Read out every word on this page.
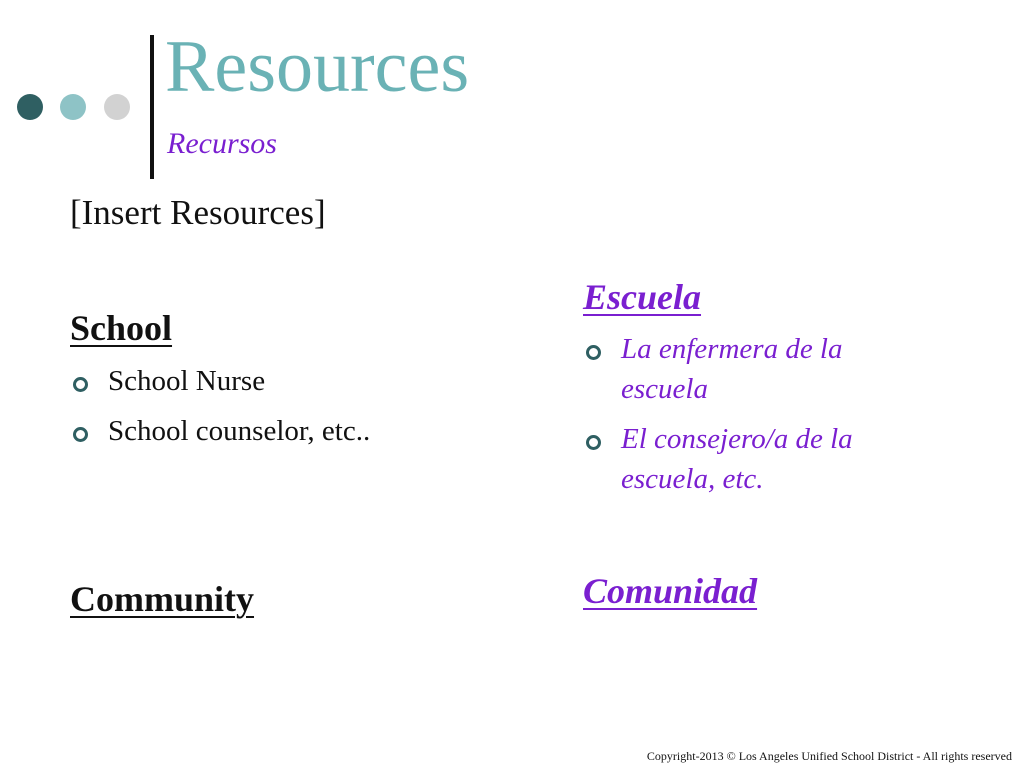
Resources
Recursos
[Insert Resources]
School
School Nurse
School counselor, etc..
Community
Escuela
La enfermera de la escuela
El consejero/a de la escuela, etc.
Comunidad
Copyright-2013 © Los Angeles Unified School District - All rights reserved
